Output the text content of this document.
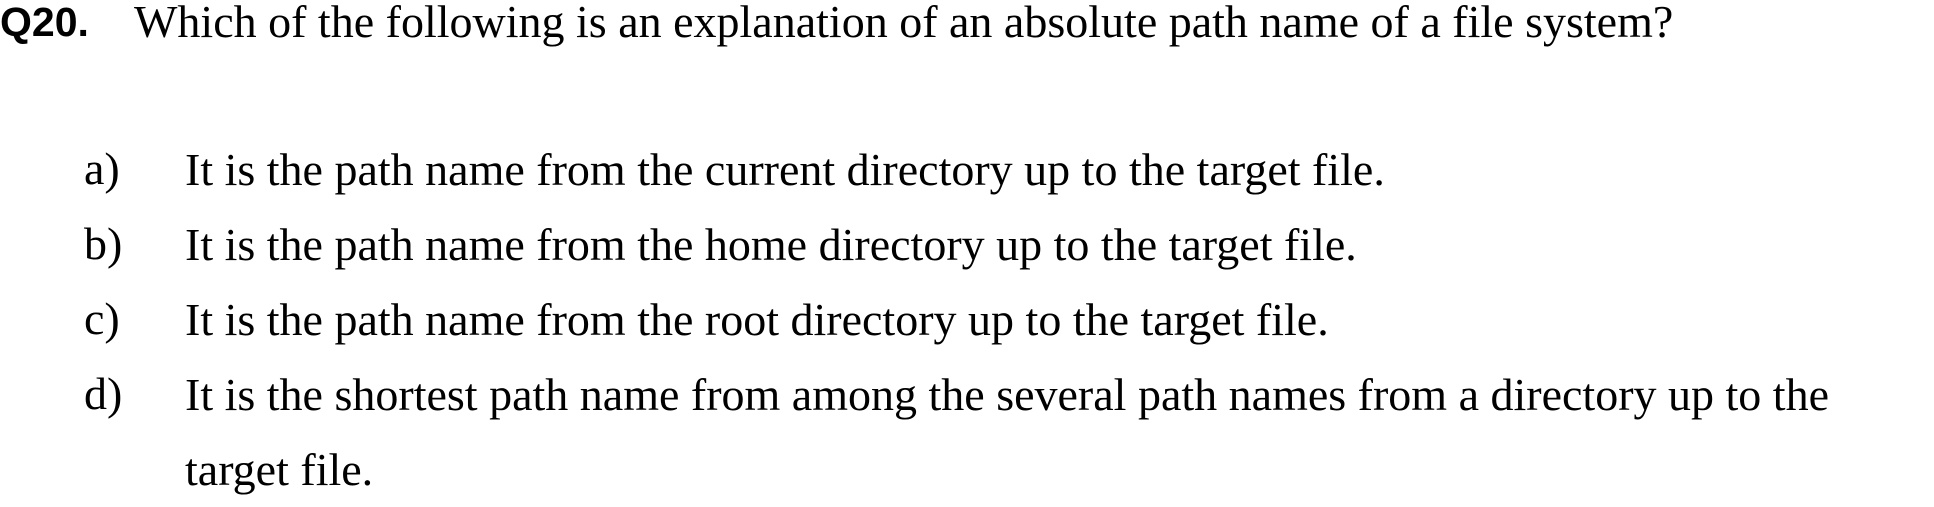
Q20. Which of the following is an explanation of an absolute path name of a file system?
a) It is the path name from the current directory up to the target file.
b) It is the path name from the home directory up to the target file.
c) It is the path name from the root directory up to the target file.
d) It is the shortest path name from among the several path names from a directory up to the
target file.
